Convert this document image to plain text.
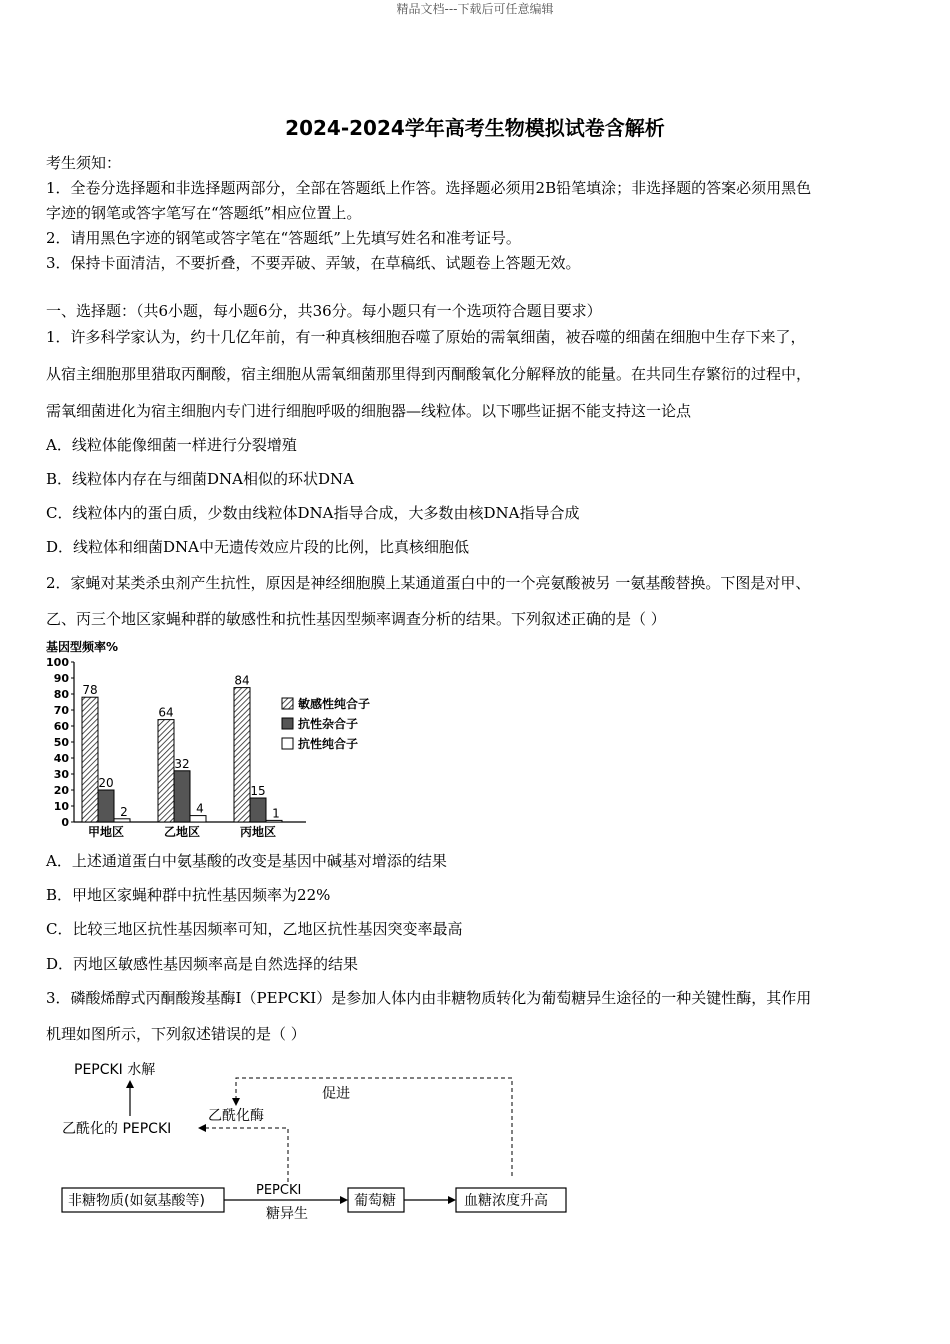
精品文档---下载后可任意编辑
2024-2024学年高考生物模拟试卷含解析
考生须知：
1．全卷分选择题和非选择题两部分，全部在答题纸上作答。选择题必须用2B铅笔填涂；非选择题的答案必须用黑色
字迹的钢笔或答字笔写在“答题纸”相应位置上。
2．请用黑色字迹的钢笔或答字笔在“答题纸”上先填写姓名和准考证号。
3．保持卡面清洁，不要折叠，不要弄破、弄皱，在草稿纸、试题卷上答题无效。
一、选择题：（共6小题，每小题6分，共36分。每小题只有一个选项符合题目要求）
1．许多科学家认为，约十几亿年前，有一种真核细胞吞噬了原始的需氧细菌，被吞噬的细菌在细胞中生存下来了，
从宿主细胞那里猎取丙酮酸，宿主细胞从需氧细菌那里得到丙酮酸氧化分解释放的能量。在共同生存繁衍的过程中，
需氧细菌进化为宿主细胞内专门进行细胞呼吸的细胞器—线粒体。以下哪些证据不能支持这一论点
A．线粒体能像细菌一样进行分裂增殖
B．线粒体内存在与细菌DNA相似的环状DNA
C．线粒体内的蛋白质，少数由线粒体DNA指导合成，大多数由核DNA指导合成
D．线粒体和细菌DNA中无遗传效应片段的比例，比真核细胞低
2．家蝇对某类杀虫剂产生抗性，原因是神经细胞膜上某通道蛋白中的一个亮氨酸被另 一氨基酸替换。下图是对甲、
乙、丙三个地区家蝇种群的敏感性和抗性基因型频率调查分析的结果。下列叙述正确的是（ ）
基因型频率%
0
10
20
30
40
50
60
70
80
90
100
78
20
2
64
32
4
84
15
1
甲地区	乙地区	丙地区
敏感性纯合子
抗性杂合子
抗性纯合子
A．上述通道蛋白中氨基酸的改变是基因中碱基对增添的结果
B．甲地区家蝇种群中抗性基因频率为22%
C．比较三地区抗性基因频率可知，乙地区抗性基因突变率最高
D．丙地区敏感性基因频率高是自然选择的结果
3．磷酸烯醇式丙酮酸羧基酶Ⅰ（PEPCKI）是参加人体内由非糖物质转化为葡萄糖异生途径的一种关键性酶，其作用
机理如图所示，下列叙述错误的是（ ）
PEPCKI 水解
乙酰化的 PEPCKI
乙酰化酶
促进
非糖物质(如氨基酸等)
PEPCKI
糖异生
葡萄糖	血糖浓度升高
